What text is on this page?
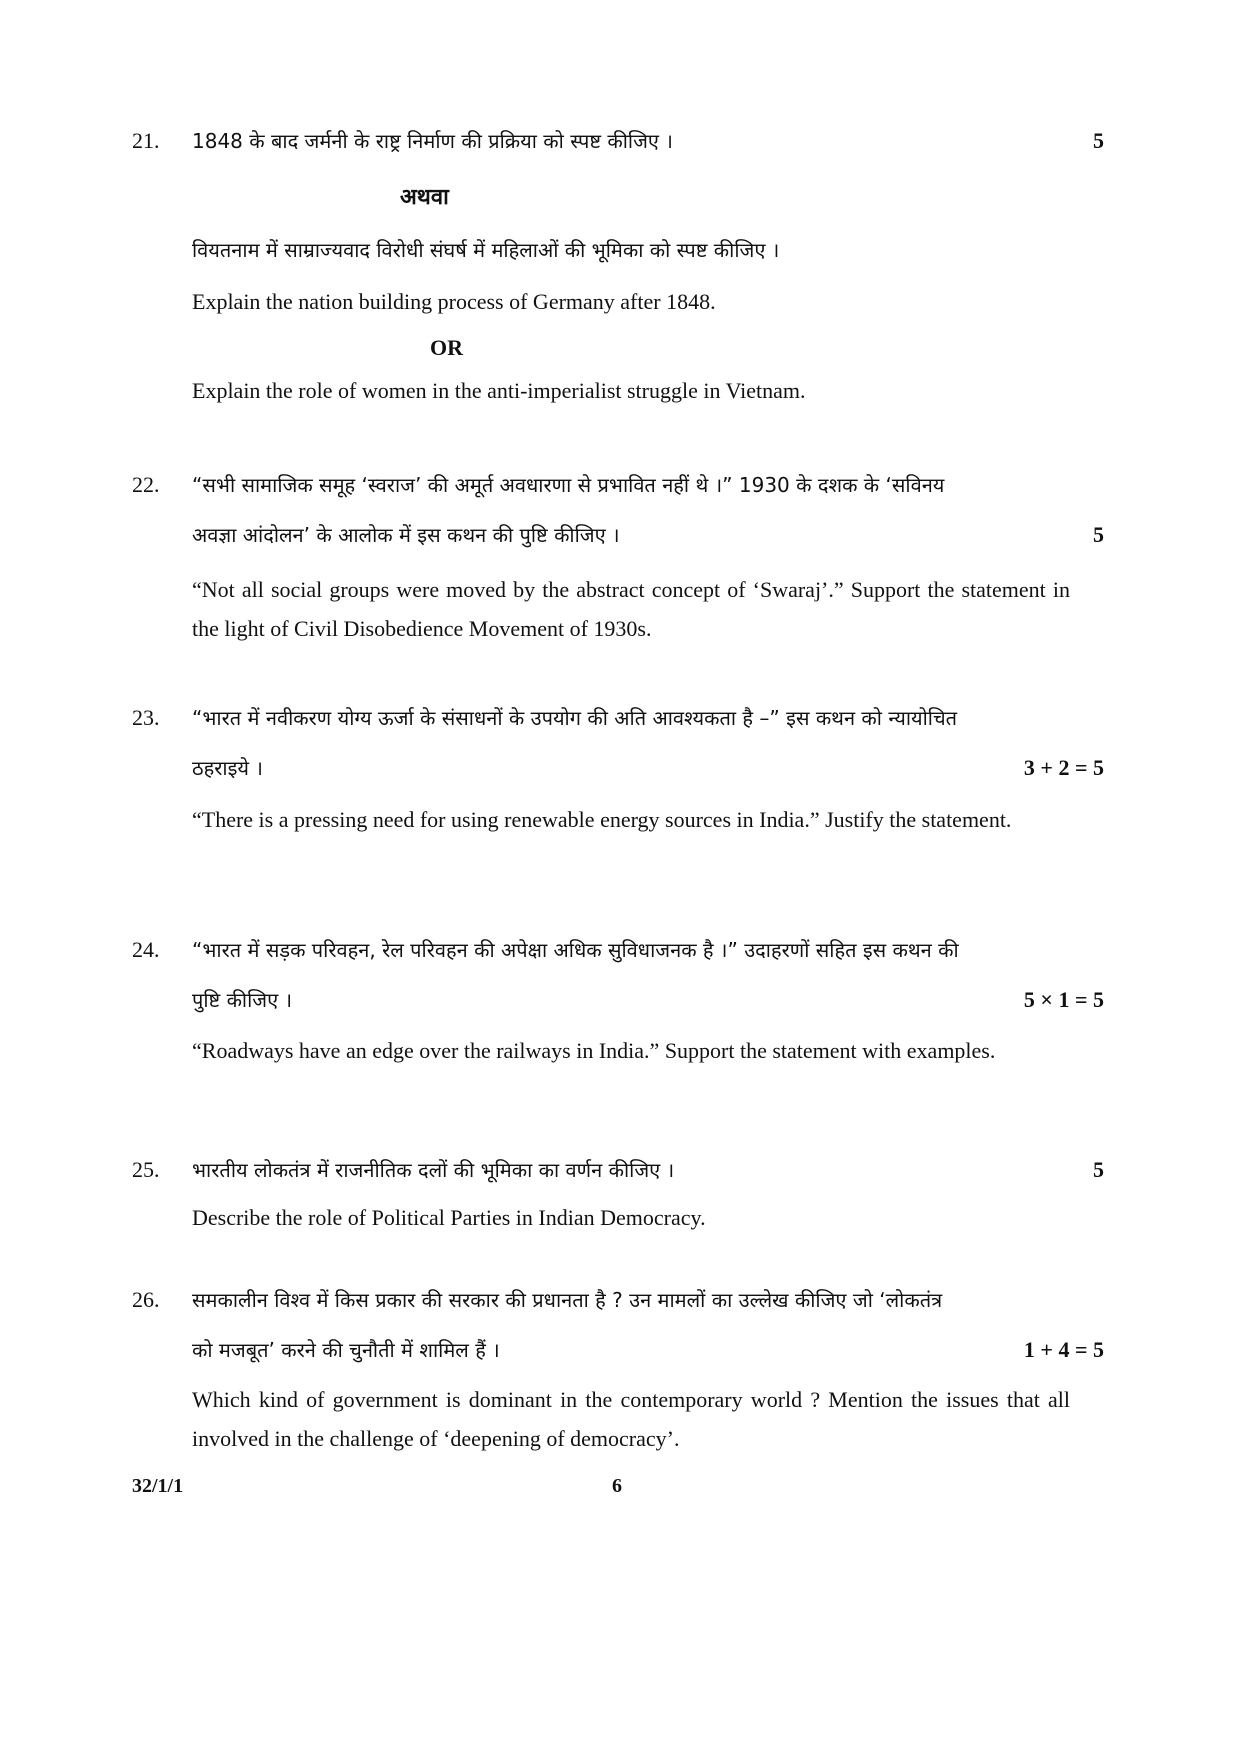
21. 1848 के बाद जर्मनी के राष्ट्र निर्माण की प्रक्रिया को स्पष्ट कीजिए ।	5
अथवा
वियतनाम में साम्राज्यवाद विरोधी संघर्ष में महिलाओं की भूमिका को स्पष्ट कीजिए ।
Explain the nation building process of Germany after 1848.
OR
Explain the role of women in the anti-imperialist struggle in Vietnam.
22. “सभी सामाजिक समूह ‘स्वराज’ की अमूर्त अवधारणा से प्रभावित नहीं थे ।” 1930 के दशक के ‘सविनय
अवज्ञा आंदोलन’ के आलोक में इस कथन की पुष्टि कीजिए ।	5
“Not all social groups were moved by the abstract concept of ‘Swaraj’.” Support the statement in the light of Civil Disobedience Movement of 1930s.
23. “भारत में नवीकरण योग्य ऊर्जा के संसाधनों के उपयोग की अति आवश्यकता है –” इस कथन को न्यायोचित
ठहराइये ।	3 + 2 = 5
“There is a pressing need for using renewable energy sources in India.” Justify the statement.
24. “भारत में सड़क परिवहन, रेल परिवहन की अपेक्षा अधिक सुविधाजनक है ।” उदाहरणों सहित इस कथन की
पुष्टि कीजिए ।	5 × 1 = 5
“Roadways have an edge over the railways in India.” Support the statement with examples.
25. भारतीय लोकतंत्र में राजनीतिक दलों की भूमिका का वर्णन कीजिए ।	5
Describe the role of Political Parties in Indian Democracy.
26. समकालीन विश्व में किस प्रकार की सरकार की प्रधानता है ? उन मामलों का उल्लेख कीजिए जो ‘लोकतंत्र
को मजबूत’ करने की चुनौती में शामिल हैं ।	1 + 4 = 5
Which kind of government is dominant in the contemporary world ? Mention the issues that all involved in the challenge of ‘deepening of democracy’.
32/1/1	6
